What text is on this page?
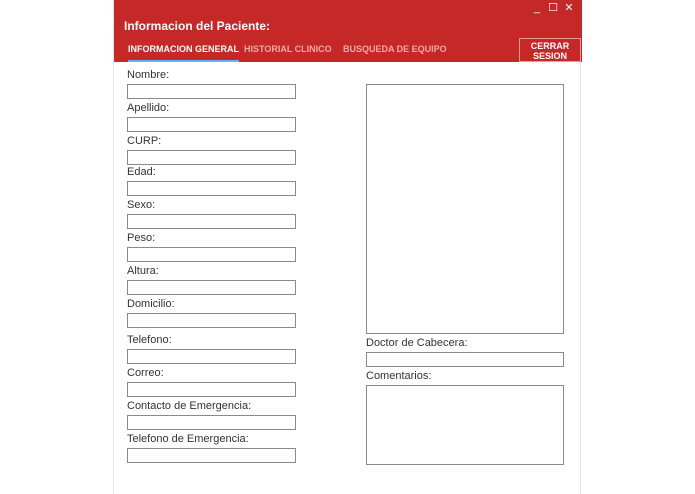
_ ☐ ✕
Informacion del Paciente:
INFORMACION GENERAL HISTORIAL CLINICO BUSQUEDA DE EQUIPO	CERRAR
SESION
Nombre:
Apellido:
CURP:
Edad:
Sexo:
Peso:
Altura:
Domicilio:
Telefono:
Correo:
Contacto de Emergencia:
Telefono de Emergencia:
Doctor de Cabecera:
Comentarios:
